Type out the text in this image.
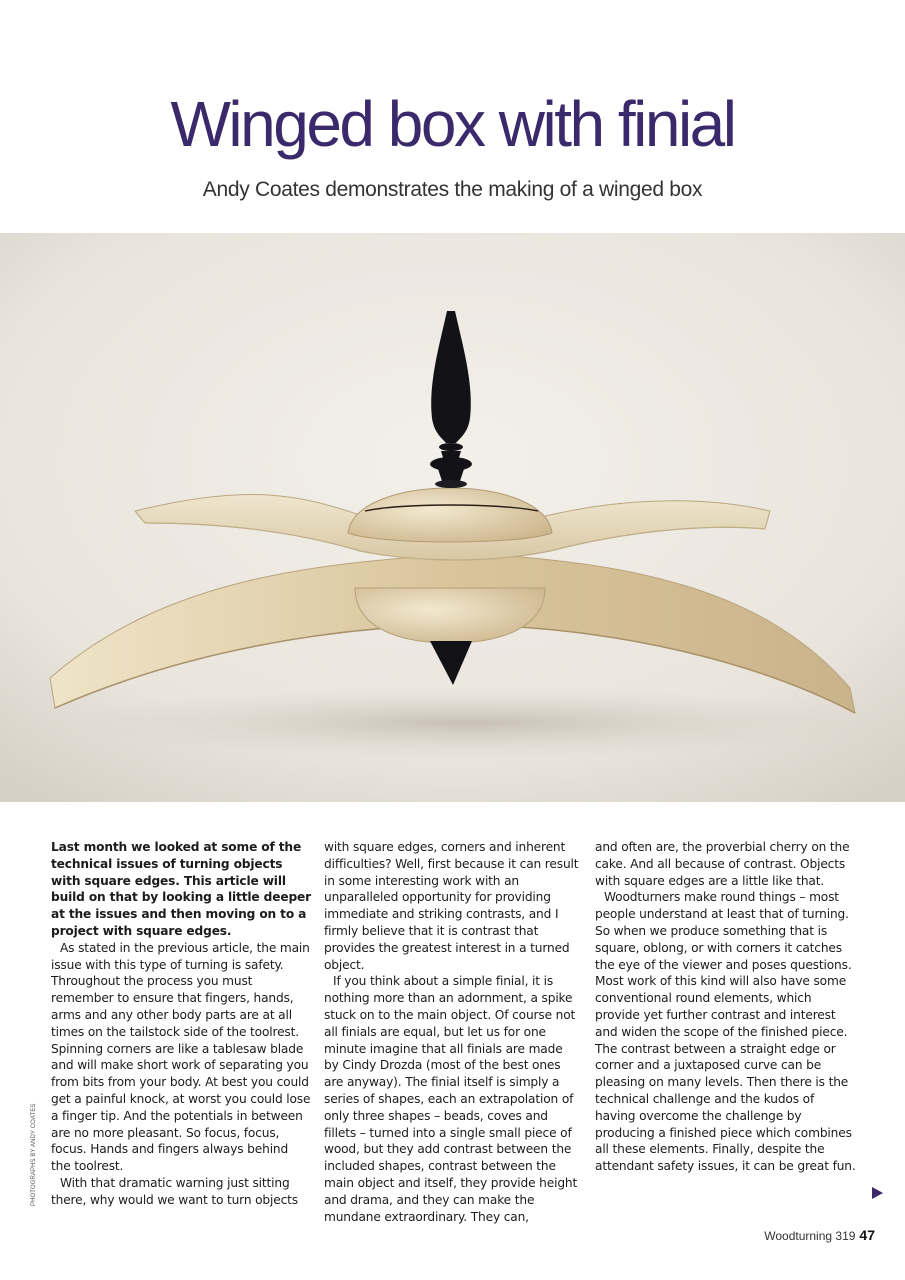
Winged box with finial
Andy Coates demonstrates the making of a winged box

Last month we looked at some of the technical issues of turning objects with square edges. This article will build on that by looking a little deeper at the issues and then moving on to a project with square edges.

As stated in the previous article, the main issue with this type of turning is safety. Throughout the process you must remember to ensure that fingers, hands, arms and any other body parts are at all times on the tailstock side of the toolrest. Spinning corners are like a tablesaw blade and will make short work of separating you from bits from your body. At best you could get a painful knock, at worst you could lose a finger tip. And the potentials in between are no more pleasant. So focus, focus, focus. Hands and fingers always behind the toolrest.

With that dramatic warning just sitting there, why would we want to turn objects

with square edges, corners and inherent difficulties? Well, first because it can result in some interesting work with an unparalleled opportunity for providing immediate and striking contrasts, and I firmly believe that it is contrast that provides the greatest interest in a turned object.

If you think about a simple finial, it is nothing more than an adornment, a spike stuck on to the main object. Of course not all finials are equal, but let us for one minute imagine that all finials are made by Cindy Drozda (most of the best ones are anyway). The finial itself is simply a series of shapes, each an extrapolation of only three shapes – beads, coves and fillets – turned into a single small piece of wood, but they add contrast between the included shapes, contrast between the main object and itself, they provide height and drama, and they can make the mundane extraordinary. They can,

and often are, the proverbial cherry on the cake. And all because of contrast. Objects with square edges are a little like that.

Woodturners make round things – most people understand at least that of turning. So when we produce something that is square, oblong, or with corners it catches the eye of the viewer and poses questions. Most work of this kind will also have some conventional round elements, which provide yet further contrast and interest and widen the scope of the finished piece. The contrast between a straight edge or corner and a juxtaposed curve can be pleasing on many levels. Then there is the technical challenge and the kudos of having overcome the challenge by producing a finished piece which combines all these elements. Finally, despite the attendant safety issues, it can be great fun.

PHOTOGRAPHS BY ANDY COATES
Woodturning 319 47
